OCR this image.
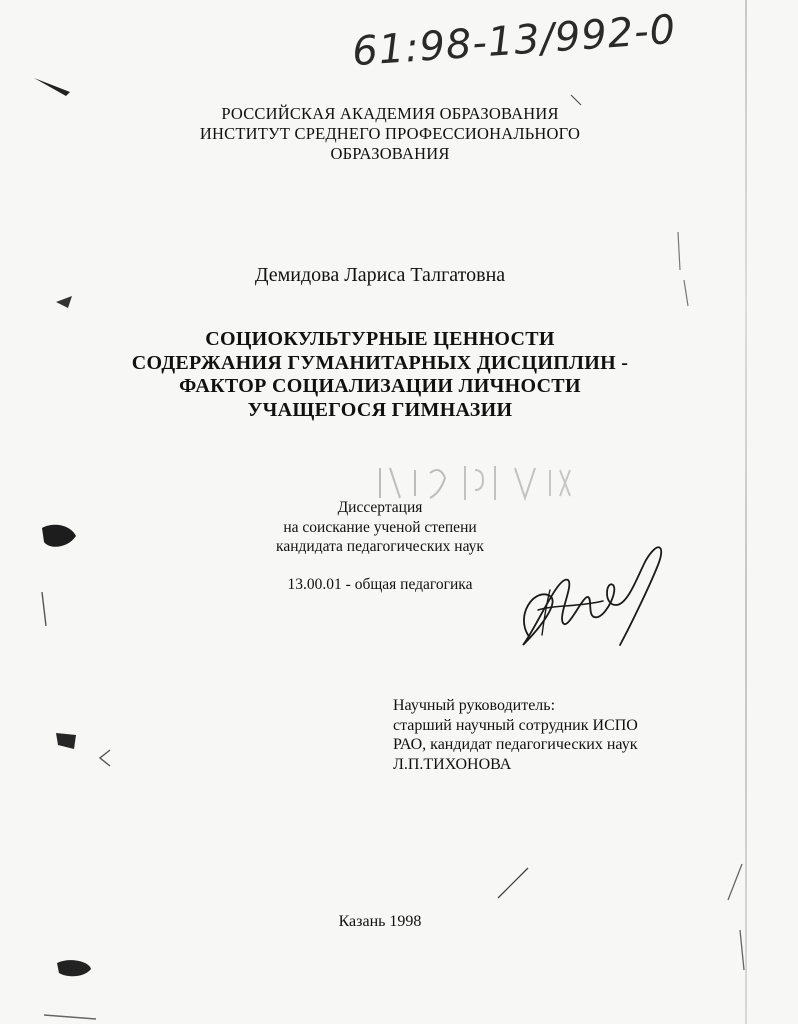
61:98-13/992-0
РОССИЙСКАЯ АКАДЕМИЯ ОБРАЗОВАНИЯ
ИНСТИТУТ СРЕДНЕГО ПРОФЕССИОНАЛЬНОГО
ОБРАЗОВАНИЯ
Демидова Лариса Талгатовна
СОЦИОКУЛЬТУРНЫЕ ЦЕННОСТИ
СОДЕРЖАНИЯ ГУМАНИТАРНЫХ ДИСЦИПЛИН -
ФАКТОР СОЦИАЛИЗАЦИИ ЛИЧНОСТИ
УЧАЩЕГОСЯ ГИМНАЗИИ
Диссертация
на соискание ученой степени
кандидата педагогических наук
13.00.01 - общая педагогика
Научный руководитель:
старший научный сотрудник ИСПО
РАО, кандидат педагогических наук
Л.П.ТИХОНОВА
Казань 1998
